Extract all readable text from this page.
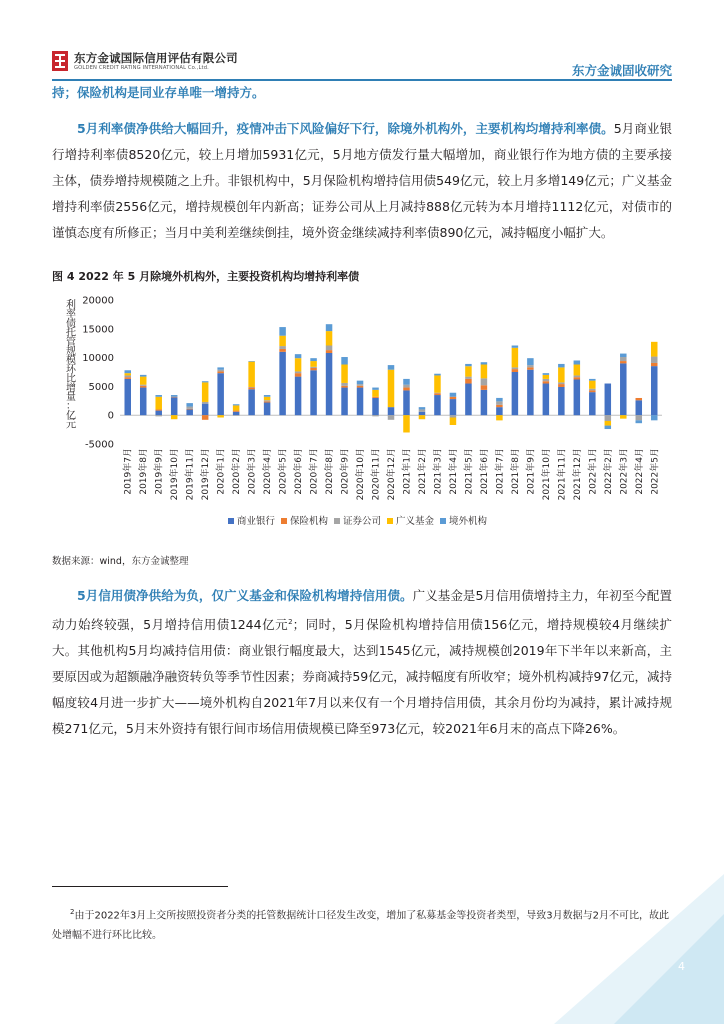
东方金诚国际信用评估有限公司
GOLDEN CREDIT RATING INTERNATIONAL Co.,Ltd.	东方金诚固收研究
持；保险机构是同业存单唯一增持方。
5月利率债净供给大幅回升，疫情冲击下风险偏好下行，除境外机构外，主要机构均增持利率债。5月商业银行增持利率债8520亿元，较上月增加5931亿元，5月地方债发行量大幅增加，商业银行作为地方债的主要承接主体，债券增持规模随之上升。非银机构中，5月保险机构增持信用债549亿元，较上月多增149亿元；广义基金增持利率债2556亿元，增持规模创年内新高；证券公司从上月减持888亿元转为本月增持1112亿元，对债市的谨慎态度有所修正；当月中美利差继续倒挂，境外资金继续减持利率债890亿元，减持幅度小幅扩大。
图 4 2022 年 5 月除境外机构外，主要投资机构均增持利率债
利率债托管规模环比增量：亿元
-5000
0
5000
10000
15000
20000
2019年7月 2019年8月 2019年9月 2019年10月 2019年11月 2019年12月 2020年1月 2020年2月 2020年3月 2020年4月 2020年5月 2020年6月 2020年7月 2020年8月 2020年9月 2020年10月 2020年11月 2020年12月 2021年1月 2021年2月 2021年3月 2021年4月 2021年5月 2021年6月 2021年7月 2021年8月 2021年9月 2021年10月 2021年11月 2021年12月 2022年1月 2022年2月 2022年3月 2022年4月 2022年5月
商业银行 保险机构 证券公司 广义基金 境外机构
数据来源：wind，东方金诚整理
5月信用债净供给为负，仅广义基金和保险机构增持信用债。广义基金是5月信用债增持主力，年初至今配置动力始终较强，5月增持信用债1244亿元$^2$；同时，5月保险机构增持信用债156亿元，增持规模较4月继续扩大。其他机构5月均减持信用债：商业银行幅度最大，达到1545亿元，减持规模创2019年下半年以来新高，主要原因或为超额融净融资转负等季节性因素；券商减持59亿元，减持幅度有所收窄；境外机构减持97亿元，减持幅度较4月进一步扩大——境外机构自2021年7月以来仅有一个月增持信用债，其余月份均为减持，累计减持规模271亿元，5月末外资持有银行间市场信用债规模已降至973亿元，较2021年6月末的高点下降26%。
$^2$由于2022年3月上交所按照投资者分类的托管数据统计口径发生改变，增加了私募基金等投资者类型，导致3月数据与2月不可比，故此处增幅不进行环比比较。
4
